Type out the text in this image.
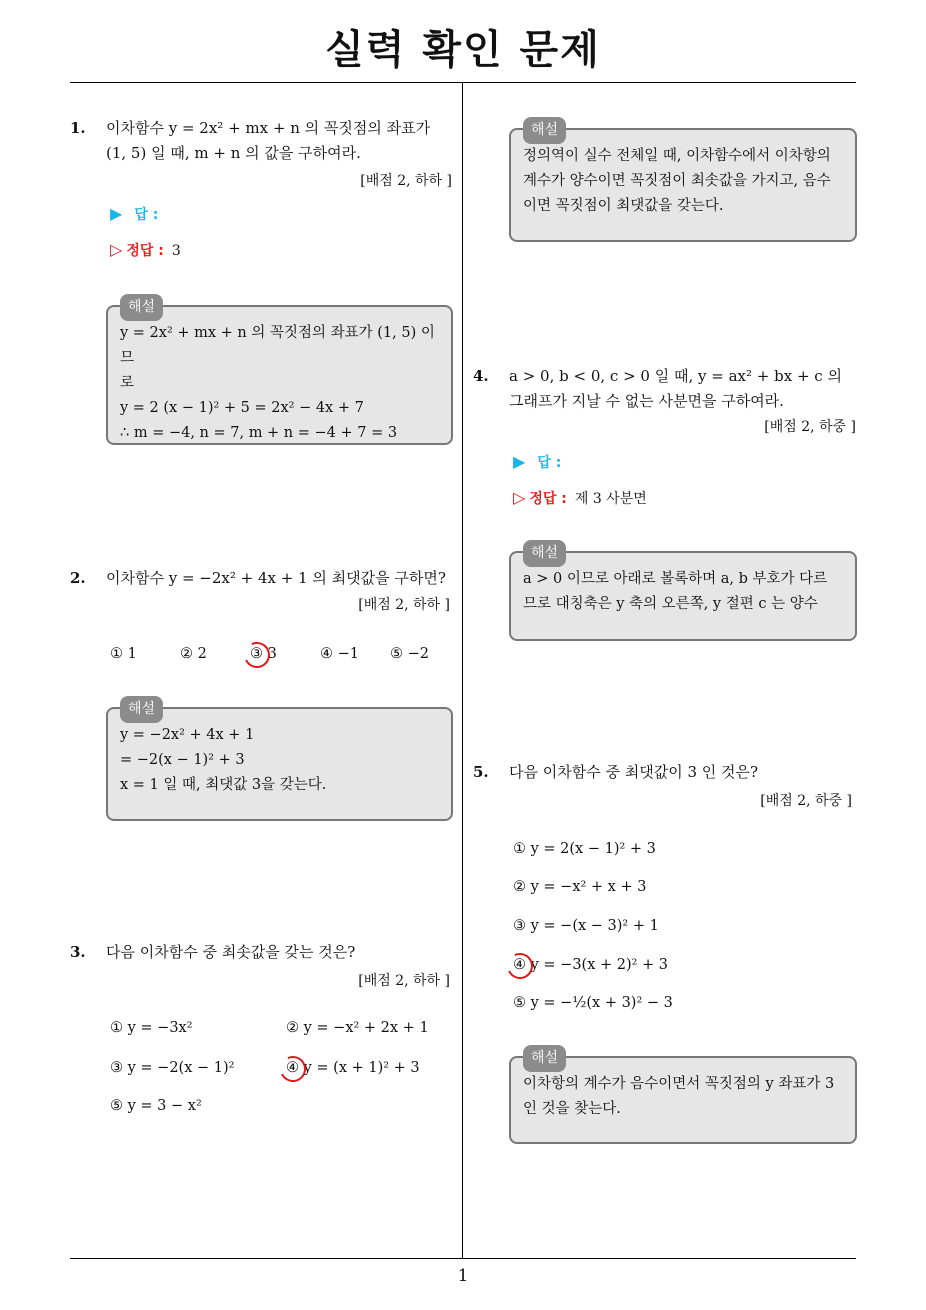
실력 확인 문제
1
1. 이차함수 y = 2x² + mx + n 의 꼭짓점의 좌표가
(1, 5) 일 때, m + n 의 값을 구하여라.
[배점 2, 하하 ]
▶ 답 :
▷ 정답 : 3
해설
y = 2x² + mx + n 의 꼭짓점의 좌표가 (1, 5) 이므
로
y = 2 (x − 1)² + 5 = 2x² − 4x + 7
∴ m = −4, n = 7, m + n = −4 + 7 = 3
2. 이차함수 y = −2x² + 4x + 1 의 최댓값을 구하면?
[배점 2, 하하 ]
① 1	② 2	③ 3	④ −1 ⑤ −2
해설
y = −2x² + 4x + 1
= −2(x − 1)² + 3
x = 1 일 때, 최댓값 3을 갖는다.
3. 다음 이차함수 중 최솟값을 갖는 것은?
[배점 2, 하하 ]
① y = −3x²	② y = −x² + 2x + 1
③ y = −2(x − 1)²	④ y = (x + 1)² + 3
⑤ y = 3 − x²
해설
정의역이 실수 전체일 때, 이차함수에서 이차항의
계수가 양수이면 꼭짓점이 최솟값을 가지고, 음수
이면 꼭짓점이 최댓값을 갖는다.
4. a > 0, b < 0, c > 0 일 때, y = ax² + bx + c 의
그래프가 지날 수 없는 사분면을 구하여라.
[배점 2, 하중 ]
▶ 답 :
▷ 정답 : 제 3 사분면
해설
a > 0 이므로 아래로 볼록하며 a, b 부호가 다르
므로 대칭축은 y 축의 오른쪽, y 절편 c 는 양수
5. 다음 이차함수 중 최댓값이 3 인 것은?
[배점 2, 하중 ]
① y = 2(x − 1)² + 3
② y = −x² + x + 3
③ y = −(x − 3)² + 1
④ y = −3(x + 2)² + 3
⑤ y = −½(x + 3)² − 3
해설
이차항의 계수가 음수이면서 꼭짓점의 y 좌표가 3
인 것을 찾는다.
